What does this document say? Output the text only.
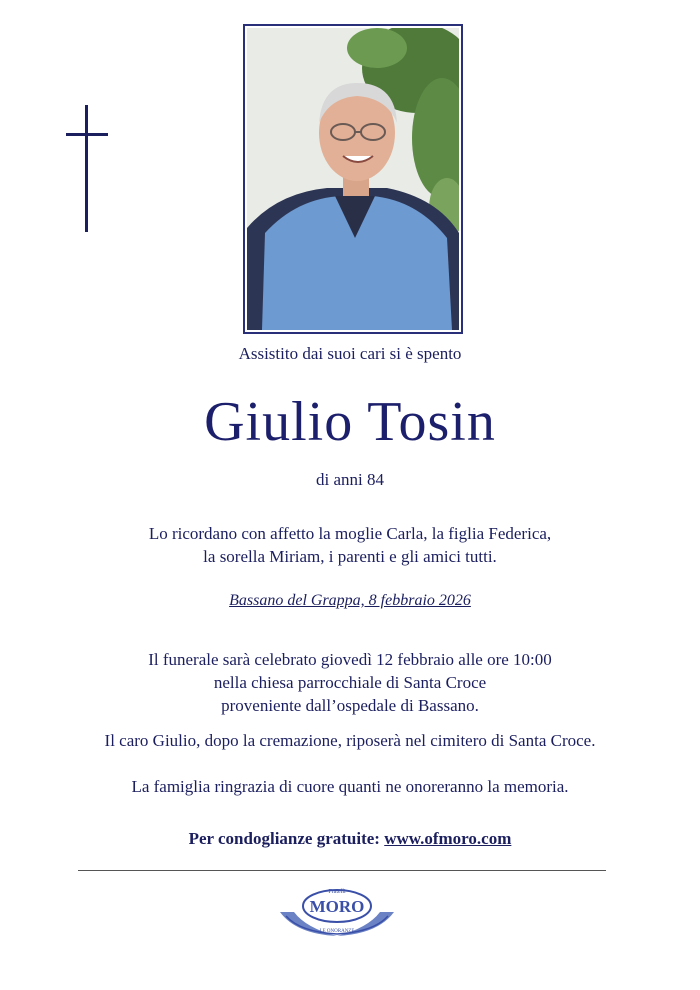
Assistito dai suoi cari si è spento
Giulio Tosin
di anni 84
Lo ricordano con affetto la moglie Carla, la figlia Federica,
la sorella Miriam, i parenti e gli amici tutti.
Bassano del Grappa, 8 febbraio 2026
Il funerale sarà celebrato giovedì 12 febbraio alle ore 10:00
nella chiesa parrocchiale di Santa Croce
proveniente dall’ospedale di Bassano.
Il caro Giulio, dopo la cremazione, riposerà nel cimitero di Santa Croce.
La famiglia ringrazia di cuore quanti ne onoreranno la memoria.
Per condoglianze gratuite: www.ofmoro.com
Fratelli
MORO
LE ONORANZE
